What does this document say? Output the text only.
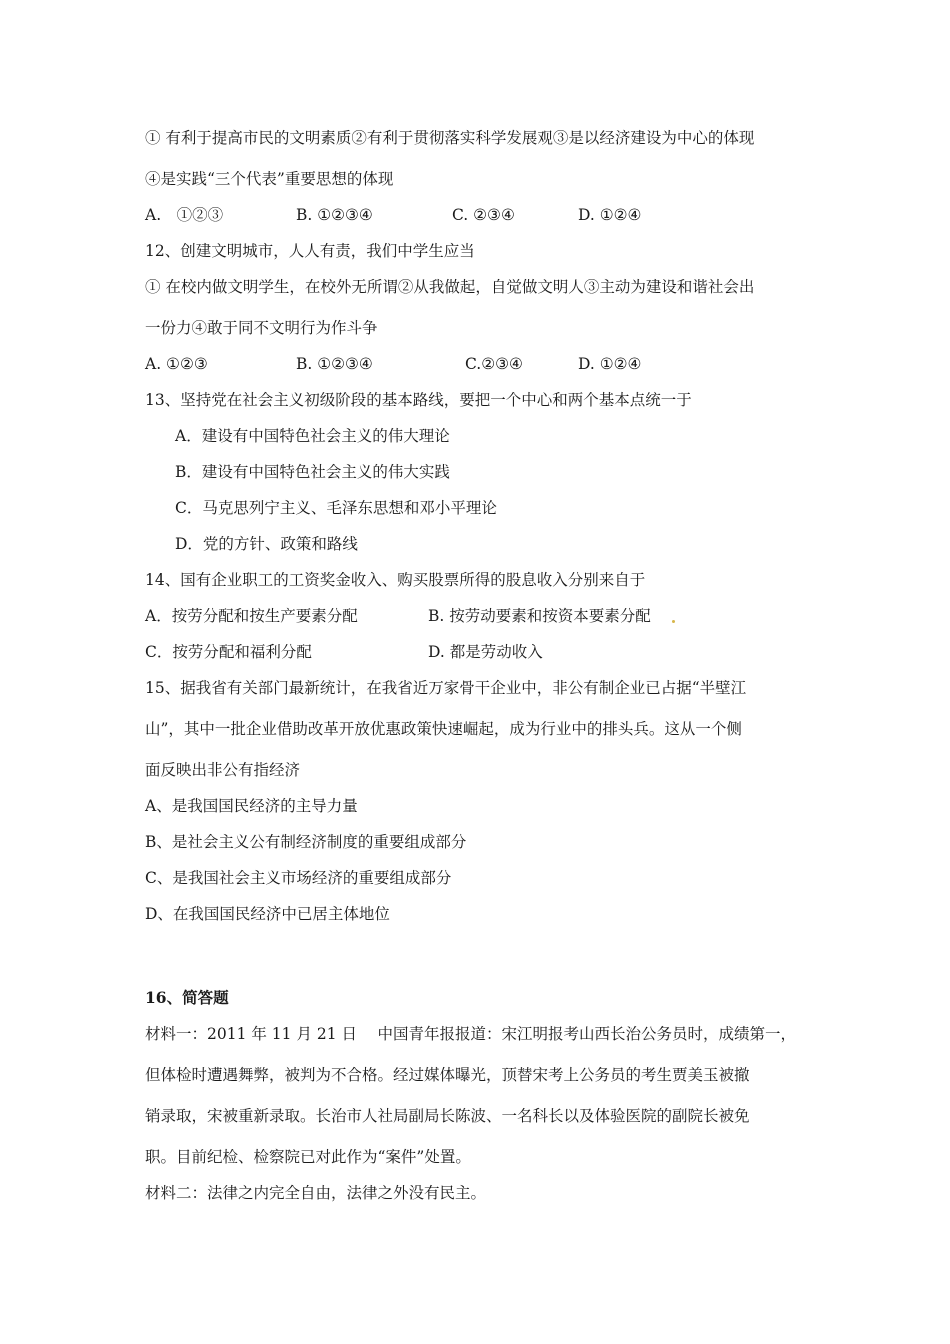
① 有利于提高市民的文明素质②有利于贯彻落实科学发展观③是以经济建设为中心的体现
④是实践“三个代表”重要思想的体现
A.　①②③	B. ①②③④	C. ②③④	D. ①②④
12、创建文明城市，人人有责，我们中学生应当
① 在校内做文明学生，在校外无所谓②从我做起，自觉做文明人③主动为建设和谐社会出
一份力④敢于同不文明行为作斗争
A. ①②③	B. ①②③④	C.②③④	D. ①②④
13、坚持党在社会主义初级阶段的基本路线，要把一个中心和两个基本点统一于
A．建设有中国特色社会主义的伟大理论
B．建设有中国特色社会主义的伟大实践
C．马克思列宁主义、毛泽东思想和邓小平理论
D．党的方针、政策和路线
14、国有企业职工的工资奖金收入、购买股票所得的股息收入分别来自于
A．按劳分配和按生产要素分配	B. 按劳动要素和按资本要素分配
C．按劳分配和福利分配	D. 都是劳动收入
15、据我省有关部门最新统计，在我省近万家骨干企业中，非公有制企业已占据“半壁江
山”，其中一批企业借助改革开放优惠政策快速崛起，成为行业中的排头兵。这从一个侧
面反映出非公有指经济
A、是我国国民经济的主导力量
B、是社会主义公有制经济制度的重要组成部分
C、是我国社会主义市场经济的重要组成部分
D、在我国国民经济中已居主体地位
16、简答题
材料一：2011 年 11 月 21 日　 中国青年报报道：宋江明报考山西长治公务员时，成绩第一，
但体检时遭遇舞弊，被判为不合格。经过媒体曝光，顶替宋考上公务员的考生贾美玉被撤
销录取，宋被重新录取。长治市人社局副局长陈波、一名科长以及体验医院的副院长被免
职。目前纪检、检察院已对此作为“案件”处置。
材料二：法律之内完全自由，法律之外没有民主。
